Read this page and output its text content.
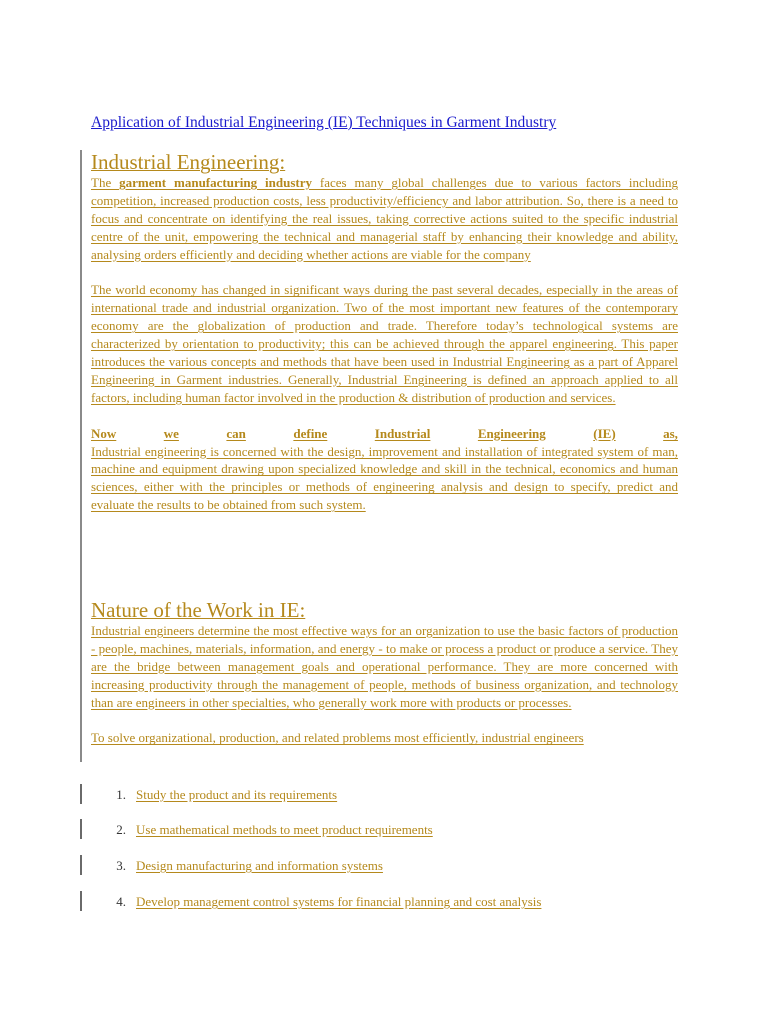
Application of Industrial Engineering (IE) Techniques in Garment Industry
Industrial Engineering:

The garment manufacturing industry faces many global challenges due to various factors including competition, increased production costs, less productivity/efficiency and labor attribution. So, there is a need to focus and concentrate on identifying the real issues, taking corrective actions suited to the specific industrial centre of the unit, empowering the technical and managerial staff by enhancing their knowledge and ability, analysing orders efficiently and deciding whether actions are viable for the company

The world economy has changed in significant ways during the past several decades, especially in the areas of international trade and industrial organization. Two of the most important new features of the contemporary economy are the globalization of production and trade. Therefore today’s technological systems are characterized by orientation to productivity; this can be achieved through the apparel engineering. This paper introduces the various concepts and methods that have been used in Industrial Engineering as a part of Apparel Engineering in Garment industries. Generally, Industrial Engineering is defined an approach applied to all factors, including human factor involved in the production & distribution of production and services.

Now	we	can	define	Industrial	Engineering	(IE)	as,

Industrial engineering is concerned with the design, improvement and installation of integrated system of man, machine and equipment drawing upon specialized knowledge and skill in the technical, economics and human sciences, either with the principles or methods of engineering analysis and design to specify, predict and evaluate the results to be obtained from such system.

Nature of the Work in IE:

Industrial engineers determine the most effective ways for an organization to use the basic factors of production - people, machines, materials, information, and energy - to make or process a product or produce a service. They are the bridge between management goals and operational performance. They are more concerned with increasing productivity through the management of people, methods of business organization, and technology than are engineers in other specialties, who generally work more with products or processes.

To solve organizational, production, and related problems most efficiently, industrial engineers

1. Study the product and its requirements
2. Use mathematical methods to meet product requirements
3. Design manufacturing and information systems
4. Develop management control systems for financial planning and cost analysis
